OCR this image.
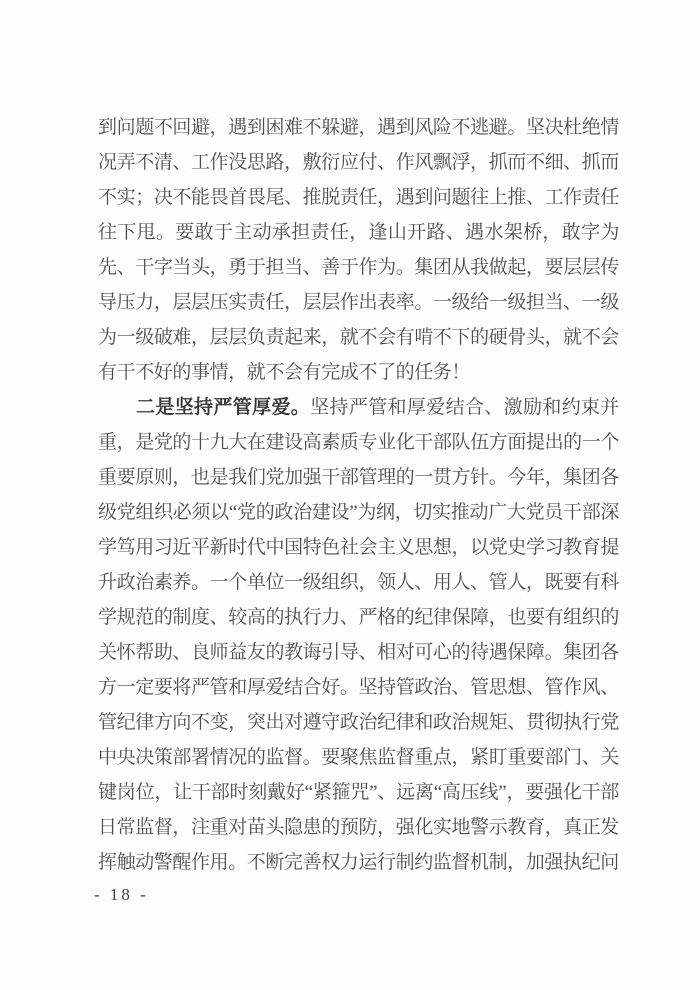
到问题不回避，遇到困难不躲避，遇到风险不逃避。坚决杜绝情况弄不清、工作没思路，敷衍应付、作风飘浮，抓而不细、抓而不实；决不能畏首畏尾、推脱责任，遇到问题往上推、工作责任往下甩。要敢于主动承担责任，逢山开路、遇水架桥，敢字为先、干字当头，勇于担当、善于作为。集团从我做起，要层层传导压力，层层压实责任，层层作出表率。一级给一级担当、一级为一级破难，层层负责起来，就不会有啃不下的硬骨头，就不会有干不好的事情，就不会有完成不了的任务！

二是坚持严管厚爱。坚持严管和厚爱结合、激励和约束并重，是党的十九大在建设高素质专业化干部队伍方面提出的一个重要原则，也是我们党加强干部管理的一贯方针。今年，集团各级党组织必须以“党的政治建设”为纲，切实推动广大党员干部深学笃用习近平新时代中国特色社会主义思想，以党史学习教育提升政治素养。一个单位一级组织，领人、用人、管人，既要有科学规范的制度、较高的执行力、严格的纪律保障，也要有组织的关怀帮助、良师益友的教诲引导、相对可心的待遇保障。集团各方一定要将严管和厚爱结合好。坚持管政治、管思想、管作风、管纪律方向不变，突出对遵守政治纪律和政治规矩、贯彻执行党中央决策部署情况的监督。要聚焦监督重点，紧盯重要部门、关键岗位，让干部时刻戴好“紧箍咒”、远离“高压线”，要强化干部日常监督，注重对苗头隐患的预防，强化实地警示教育，真正发挥触动警醒作用。不断完善权力运行制约监督机制，加强执纪问

- 18 -
